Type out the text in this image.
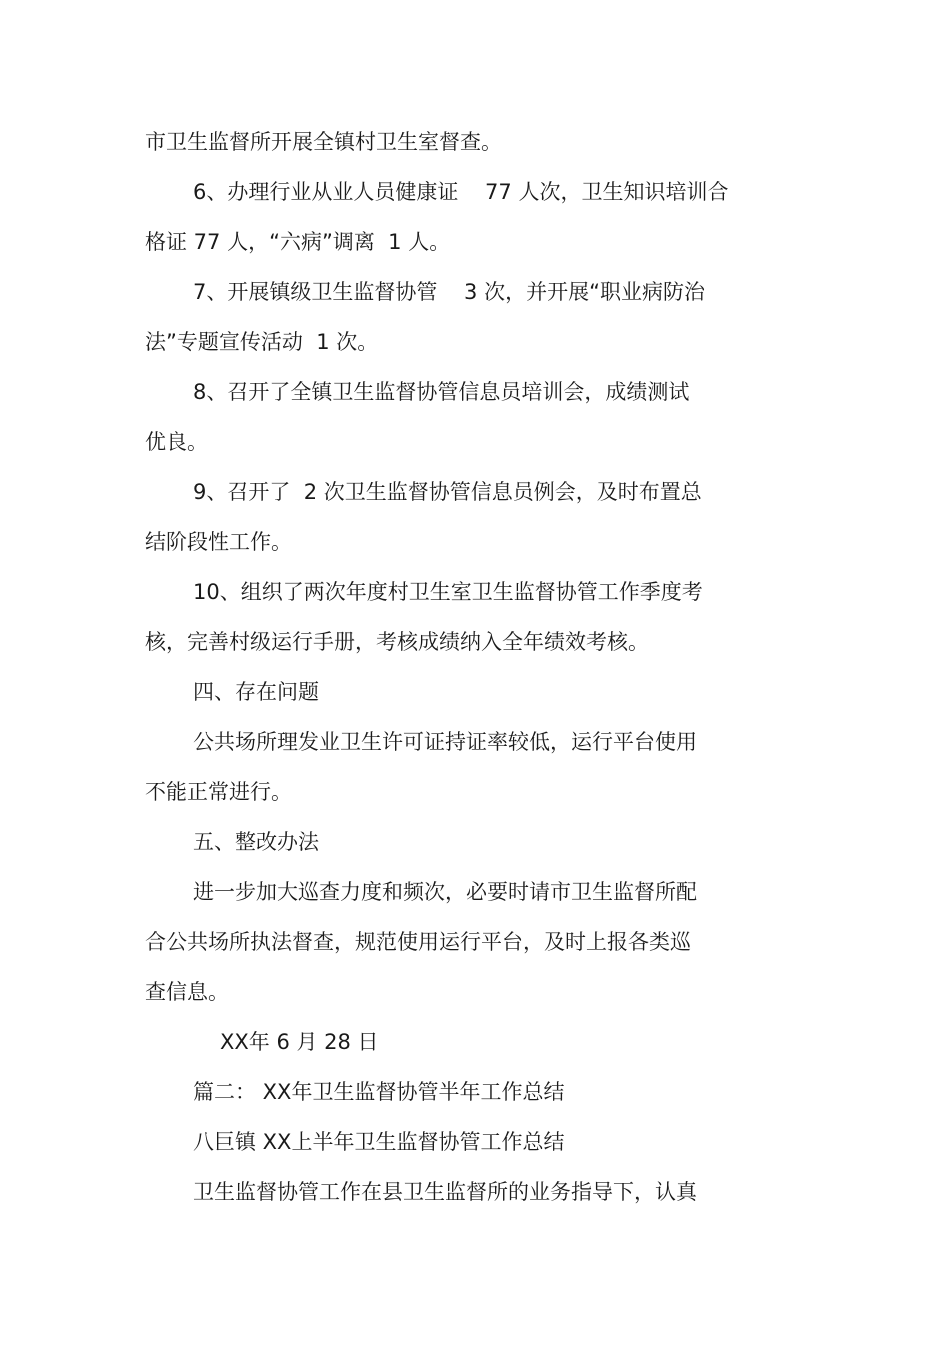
市卫生监督所开展全镇村卫生室督查。
6、办理行业从业人员健康证    77 人次，卫生知识培训合
格证 77 人，“六病”调离  1 人。
7、开展镇级卫生监督协管    3 次，并开展“职业病防治
法”专题宣传活动  1 次。
8、召开了全镇卫生监督协管信息员培训会，成绩测试
优良。
9、召开了  2 次卫生监督协管信息员例会，及时布置总
结阶段性工作。
10、组织了两次年度村卫生室卫生监督协管工作季度考
核，完善村级运行手册，考核成绩纳入全年绩效考核。
四、存在问题
公共场所理发业卫生许可证持证率较低，运行平台使用
不能正常进行。
五、整改办法
进一步加大巡查力度和频次，必要时请市卫生监督所配
合公共场所执法督查，规范使用运行平台，及时上报各类巡
查信息。
XX年 6 月 28 日
篇二： XX年卫生监督协管半年工作总结
八巨镇 XX上半年卫生监督协管工作总结
卫生监督协管工作在县卫生监督所的业务指导下，认真
